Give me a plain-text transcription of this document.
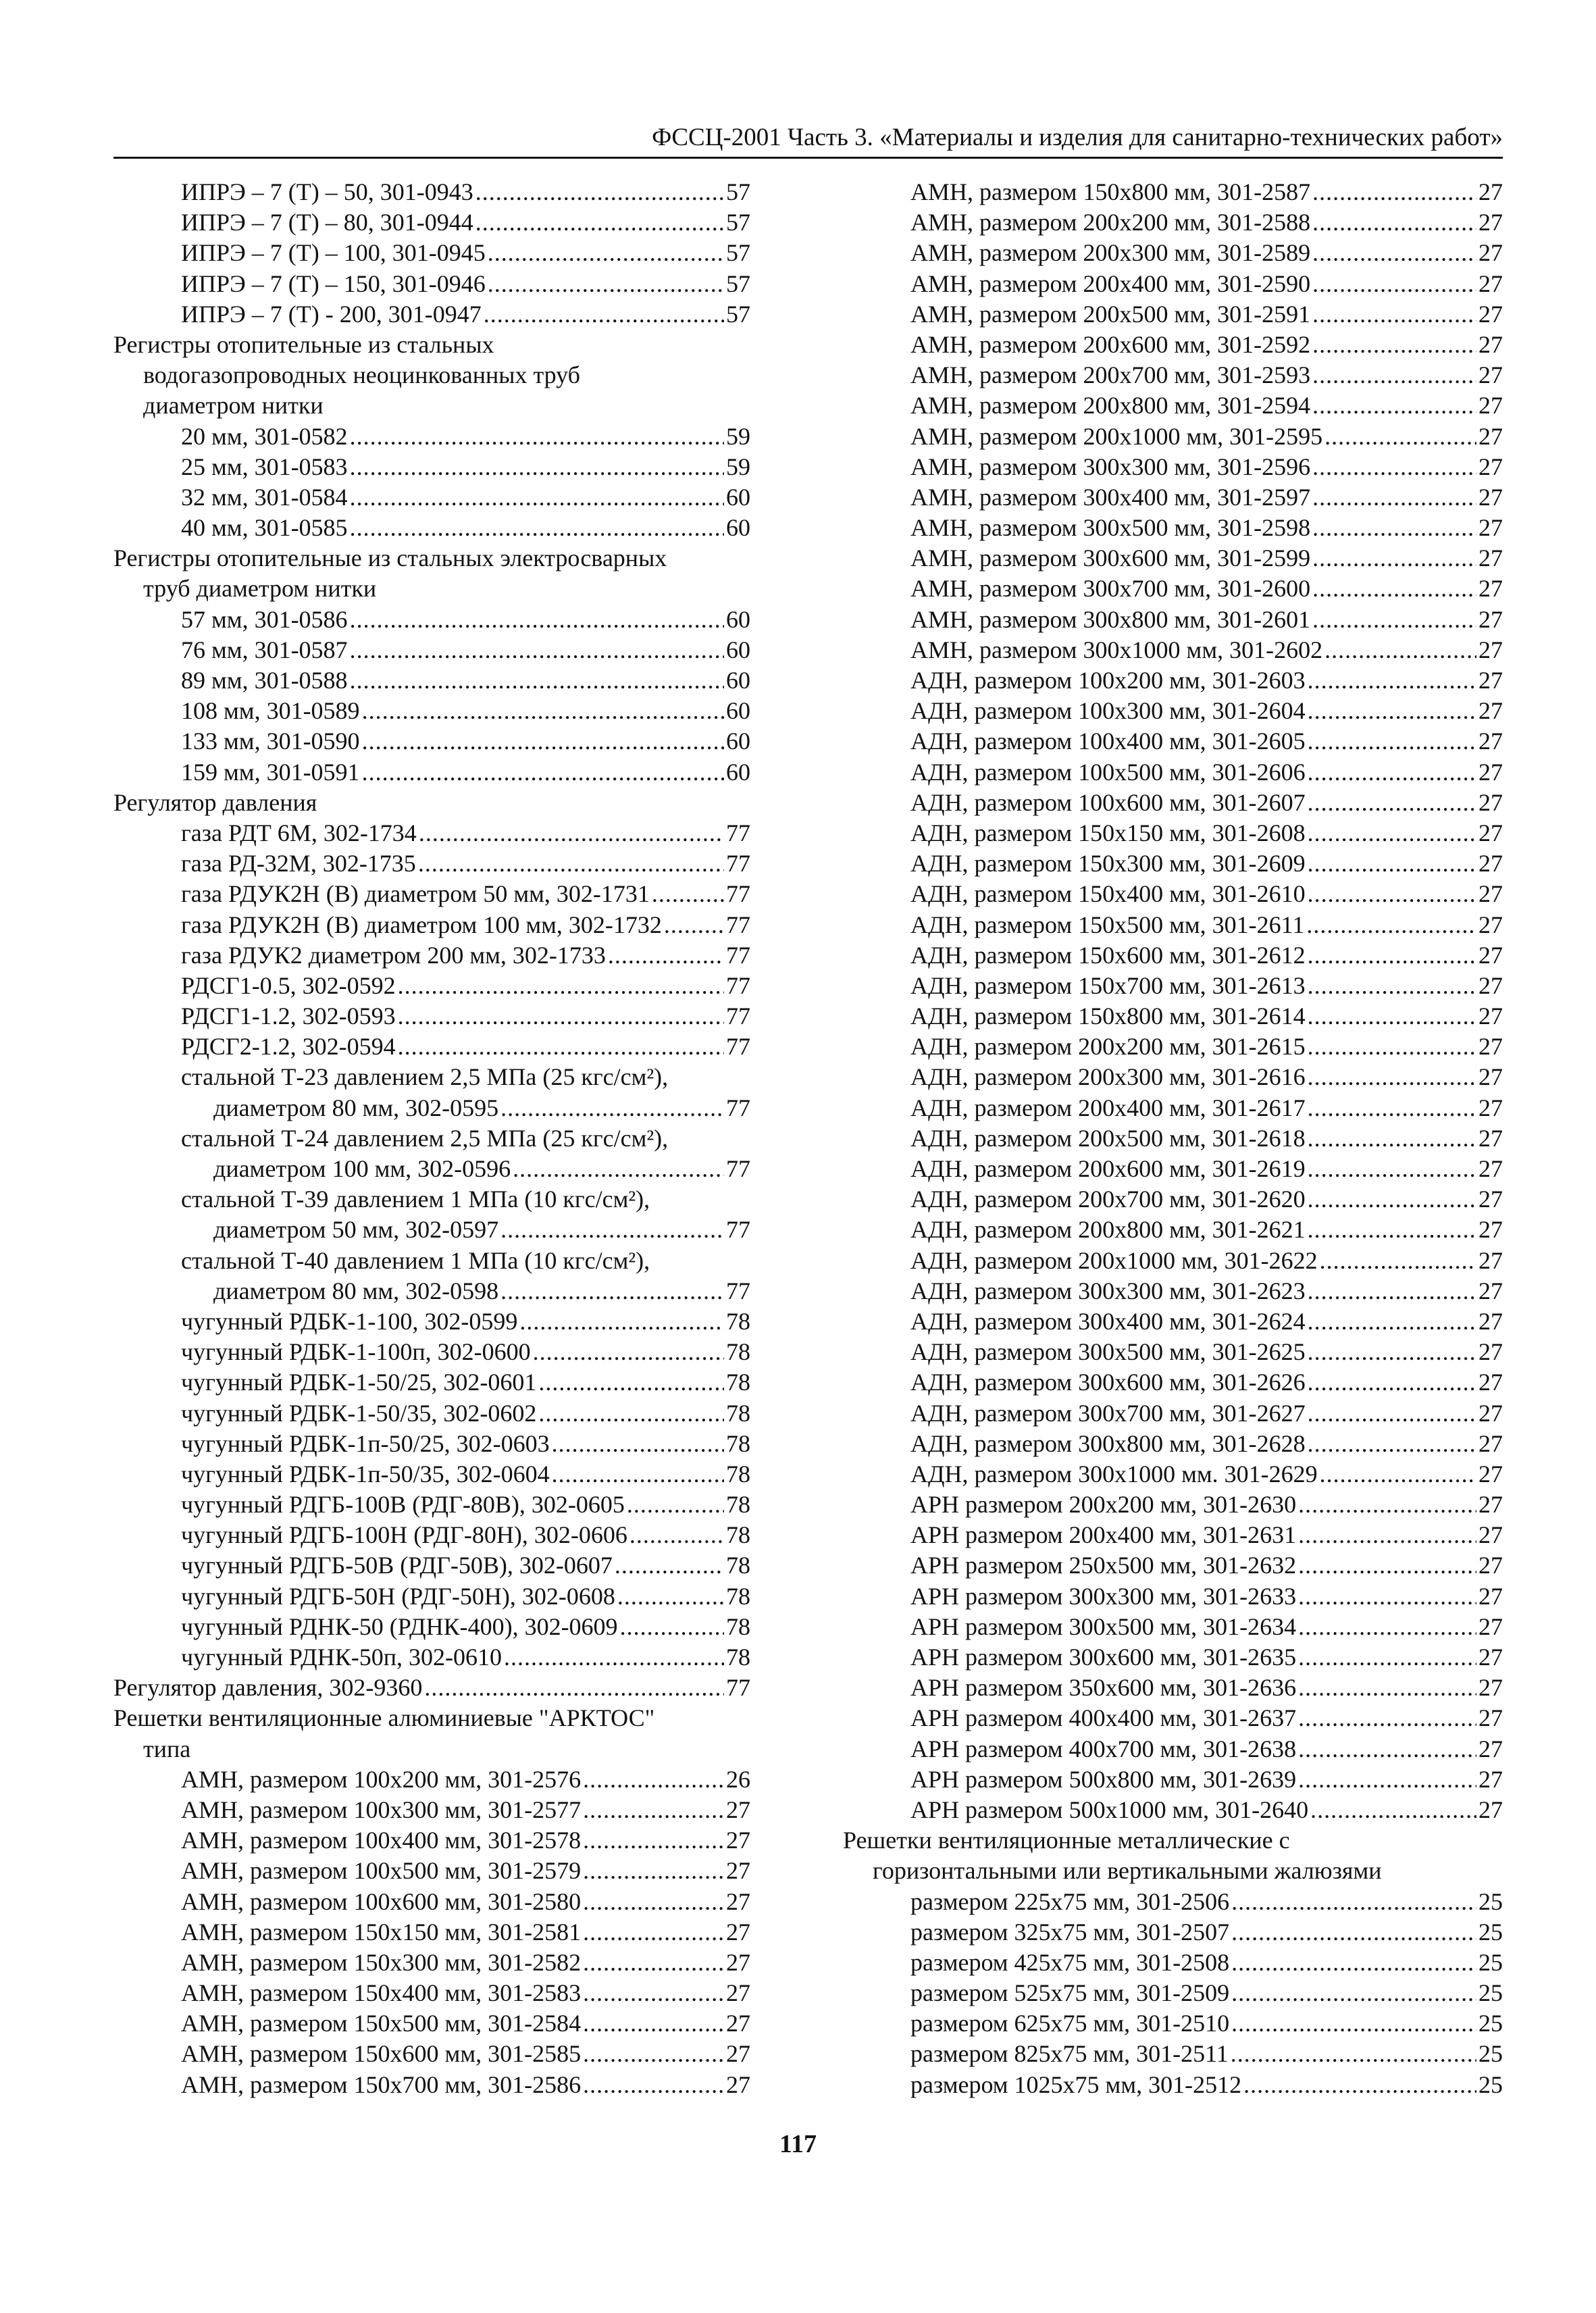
ФССЦ-2001 Часть 3. «Материалы и изделия для санитарно-технических работ»
ИПРЭ – 7 (Т) – 50, 301-0943 .....	57
ИПРЭ – 7 (Т) – 80, 301-0944 .....	57
ИПРЭ – 7 (Т) – 100, 301-0945 .....	57
ИПРЭ – 7 (Т) – 150, 301-0946 .....	57
ИПРЭ – 7 (Т) - 200, 301-0947 .....	57
Регистры отопительные из стальных
водогазопроводных неоцинкованных труб
диаметром нитки
20 мм, 301-0582 .....	59
25 мм, 301-0583 .....	59
32 мм, 301-0584 .....	60
40 мм, 301-0585 .....	60
Регистры отопительные из стальных электросварных
труб диаметром нитки
57 мм, 301-0586 .....	60
76 мм, 301-0587 .....	60
89 мм, 301-0588 .....	60
108 мм, 301-0589 .....	60
133 мм, 301-0590 .....	60
159 мм, 301-0591 .....	60
Регулятор давления
газа РДТ 6М, 302-1734 .....	77
газа РД-32М, 302-1735 .....	77
газа РДУК2Н (В) диаметром 50 мм, 302-1731 .....	77
газа РДУК2Н (В) диаметром 100 мм, 302-1732 .....	77
газа РДУК2 диаметром 200 мм, 302-1733 .....	77
РДСГ1-0.5, 302-0592 .....	77
РДСГ1-1.2, 302-0593 .....	77
РДСГ2-1.2, 302-0594 .....	77
стальной Т-23 давлением 2,5 МПа (25 кгс/см²),
диаметром 80 мм, 302-0595 .....	77
стальной Т-24 давлением 2,5 МПа (25 кгс/см²),
диаметром 100 мм, 302-0596 .....	77
стальной Т-39 давлением 1 МПа (10 кгс/см²),
диаметром 50 мм, 302-0597 .....	77
стальной Т-40 давлением 1 МПа (10 кгс/см²),
диаметром 80 мм, 302-0598 .....	77
чугунный РДБК-1-100, 302-0599 .....	78
чугунный РДБК-1-100п, 302-0600 .....	78
чугунный РДБК-1-50/25, 302-0601 .....	78
чугунный РДБК-1-50/35, 302-0602 .....	78
чугунный РДБК-1п-50/25, 302-0603 .....	78
чугунный РДБК-1п-50/35, 302-0604 .....	78
чугунный РДГБ-100В (РДГ-80В), 302-0605 .....	78
чугунный РДГБ-100Н (РДГ-80Н), 302-0606 .....	78
чугунный РДГБ-50В (РДГ-50В), 302-0607 .....	78
чугунный РДГБ-50Н (РДГ-50Н), 302-0608 .....	78
чугунный РДНК-50 (РДНК-400), 302-0609 .....	78
чугунный РДНК-50п, 302-0610 .....	78
Регулятор давления, 302-9360 .....	77
Решетки вентиляционные алюминиевые "АРКТОС"
типа
АМН, размером 100х200 мм, 301-2576 .....	26
АМН, размером 100х300 мм, 301-2577 .....	27
АМН, размером 100х400 мм, 301-2578 .....	27
АМН, размером 100х500 мм, 301-2579 .....	27
АМН, размером 100х600 мм, 301-2580 .....	27
АМН, размером 150х150 мм, 301-2581 .....	27
АМН, размером 150х300 мм, 301-2582 .....	27
АМН, размером 150х400 мм, 301-2583 .....	27
АМН, размером 150х500 мм, 301-2584 .....	27
АМН, размером 150х600 мм, 301-2585 .....	27
АМН, размером 150х700 мм, 301-2586 .....	27
АМН, размером 150х800 мм, 301-2587 .....	27
АМН, размером 200х200 мм, 301-2588 .....	27
АМН, размером 200х300 мм, 301-2589 .....	27
АМН, размером 200х400 мм, 301-2590 .....	27
АМН, размером 200х500 мм, 301-2591 .....	27
АМН, размером 200х600 мм, 301-2592 .....	27
АМН, размером 200х700 мм, 301-2593 .....	27
АМН, размером 200х800 мм, 301-2594 .....	27
АМН, размером 200х1000 мм, 301-2595 .....	27
АМН, размером 300х300 мм, 301-2596 .....	27
АМН, размером 300х400 мм, 301-2597 .....	27
АМН, размером 300х500 мм, 301-2598 .....	27
АМН, размером 300х600 мм, 301-2599 .....	27
АМН, размером 300х700 мм, 301-2600 .....	27
АМН, размером 300х800 мм, 301-2601 .....	27
АМН, размером 300х1000 мм, 301-2602 .....	27
АДН, размером 100х200 мм, 301-2603 .....	27
АДН, размером 100х300 мм, 301-2604 .....	27
АДН, размером 100х400 мм, 301-2605 .....	27
АДН, размером 100х500 мм, 301-2606 .....	27
АДН, размером 100х600 мм, 301-2607 .....	27
АДН, размером 150х150 мм, 301-2608 .....	27
АДН, размером 150х300 мм, 301-2609 .....	27
АДН, размером 150х400 мм, 301-2610 .....	27
АДН, размером 150х500 мм, 301-2611 .....	27
АДН, размером 150х600 мм, 301-2612 .....	27
АДН, размером 150х700 мм, 301-2613 .....	27
АДН, размером 150х800 мм, 301-2614 .....	27
АДН, размером 200х200 мм, 301-2615 .....	27
АДН, размером 200х300 мм, 301-2616 .....	27
АДН, размером 200х400 мм, 301-2617 .....	27
АДН, размером 200х500 мм, 301-2618 .....	27
АДН, размером 200х600 мм, 301-2619 .....	27
АДН, размером 200х700 мм, 301-2620 .....	27
АДН, размером 200х800 мм, 301-2621 .....	27
АДН, размером 200х1000 мм, 301-2622 .....	27
АДН, размером 300х300 мм, 301-2623 .....	27
АДН, размером 300х400 мм, 301-2624 .....	27
АДН, размером 300х500 мм, 301-2625 .....	27
АДН, размером 300х600 мм, 301-2626 .....	27
АДН, размером 300х700 мм, 301-2627 .....	27
АДН, размером 300х800 мм, 301-2628 .....	27
АДН, размером 300х1000 мм. 301-2629 .....	27
АРН размером 200х200 мм, 301-2630 .....	27
АРН размером 200х400 мм, 301-2631 .....	27
АРН размером 250х500 мм, 301-2632 .....	27
АРН размером 300х300 мм, 301-2633 .....	27
АРН размером 300х500 мм, 301-2634 .....	27
АРН размером 300х600 мм, 301-2635 .....	27
АРН размером 350х600 мм, 301-2636 .....	27
АРН размером 400х400 мм, 301-2637 .....	27
АРН размером 400х700 мм, 301-2638 .....	27
АРН размером 500х800 мм, 301-2639 .....	27
АРН размером 500х1000 мм, 301-2640 .....	27
Решетки вентиляционные металлические с
горизонтальными или вертикальными жалюзями
размером 225х75 мм, 301-2506 .....	25
размером 325х75 мм, 301-2507 .....	25
размером 425х75 мм, 301-2508 .....	25
размером 525х75 мм, 301-2509 .....	25
размером 625х75 мм, 301-2510 .....	25
размером 825х75 мм, 301-2511 .....	25
размером 1025х75 мм, 301-2512 .....	25
117
